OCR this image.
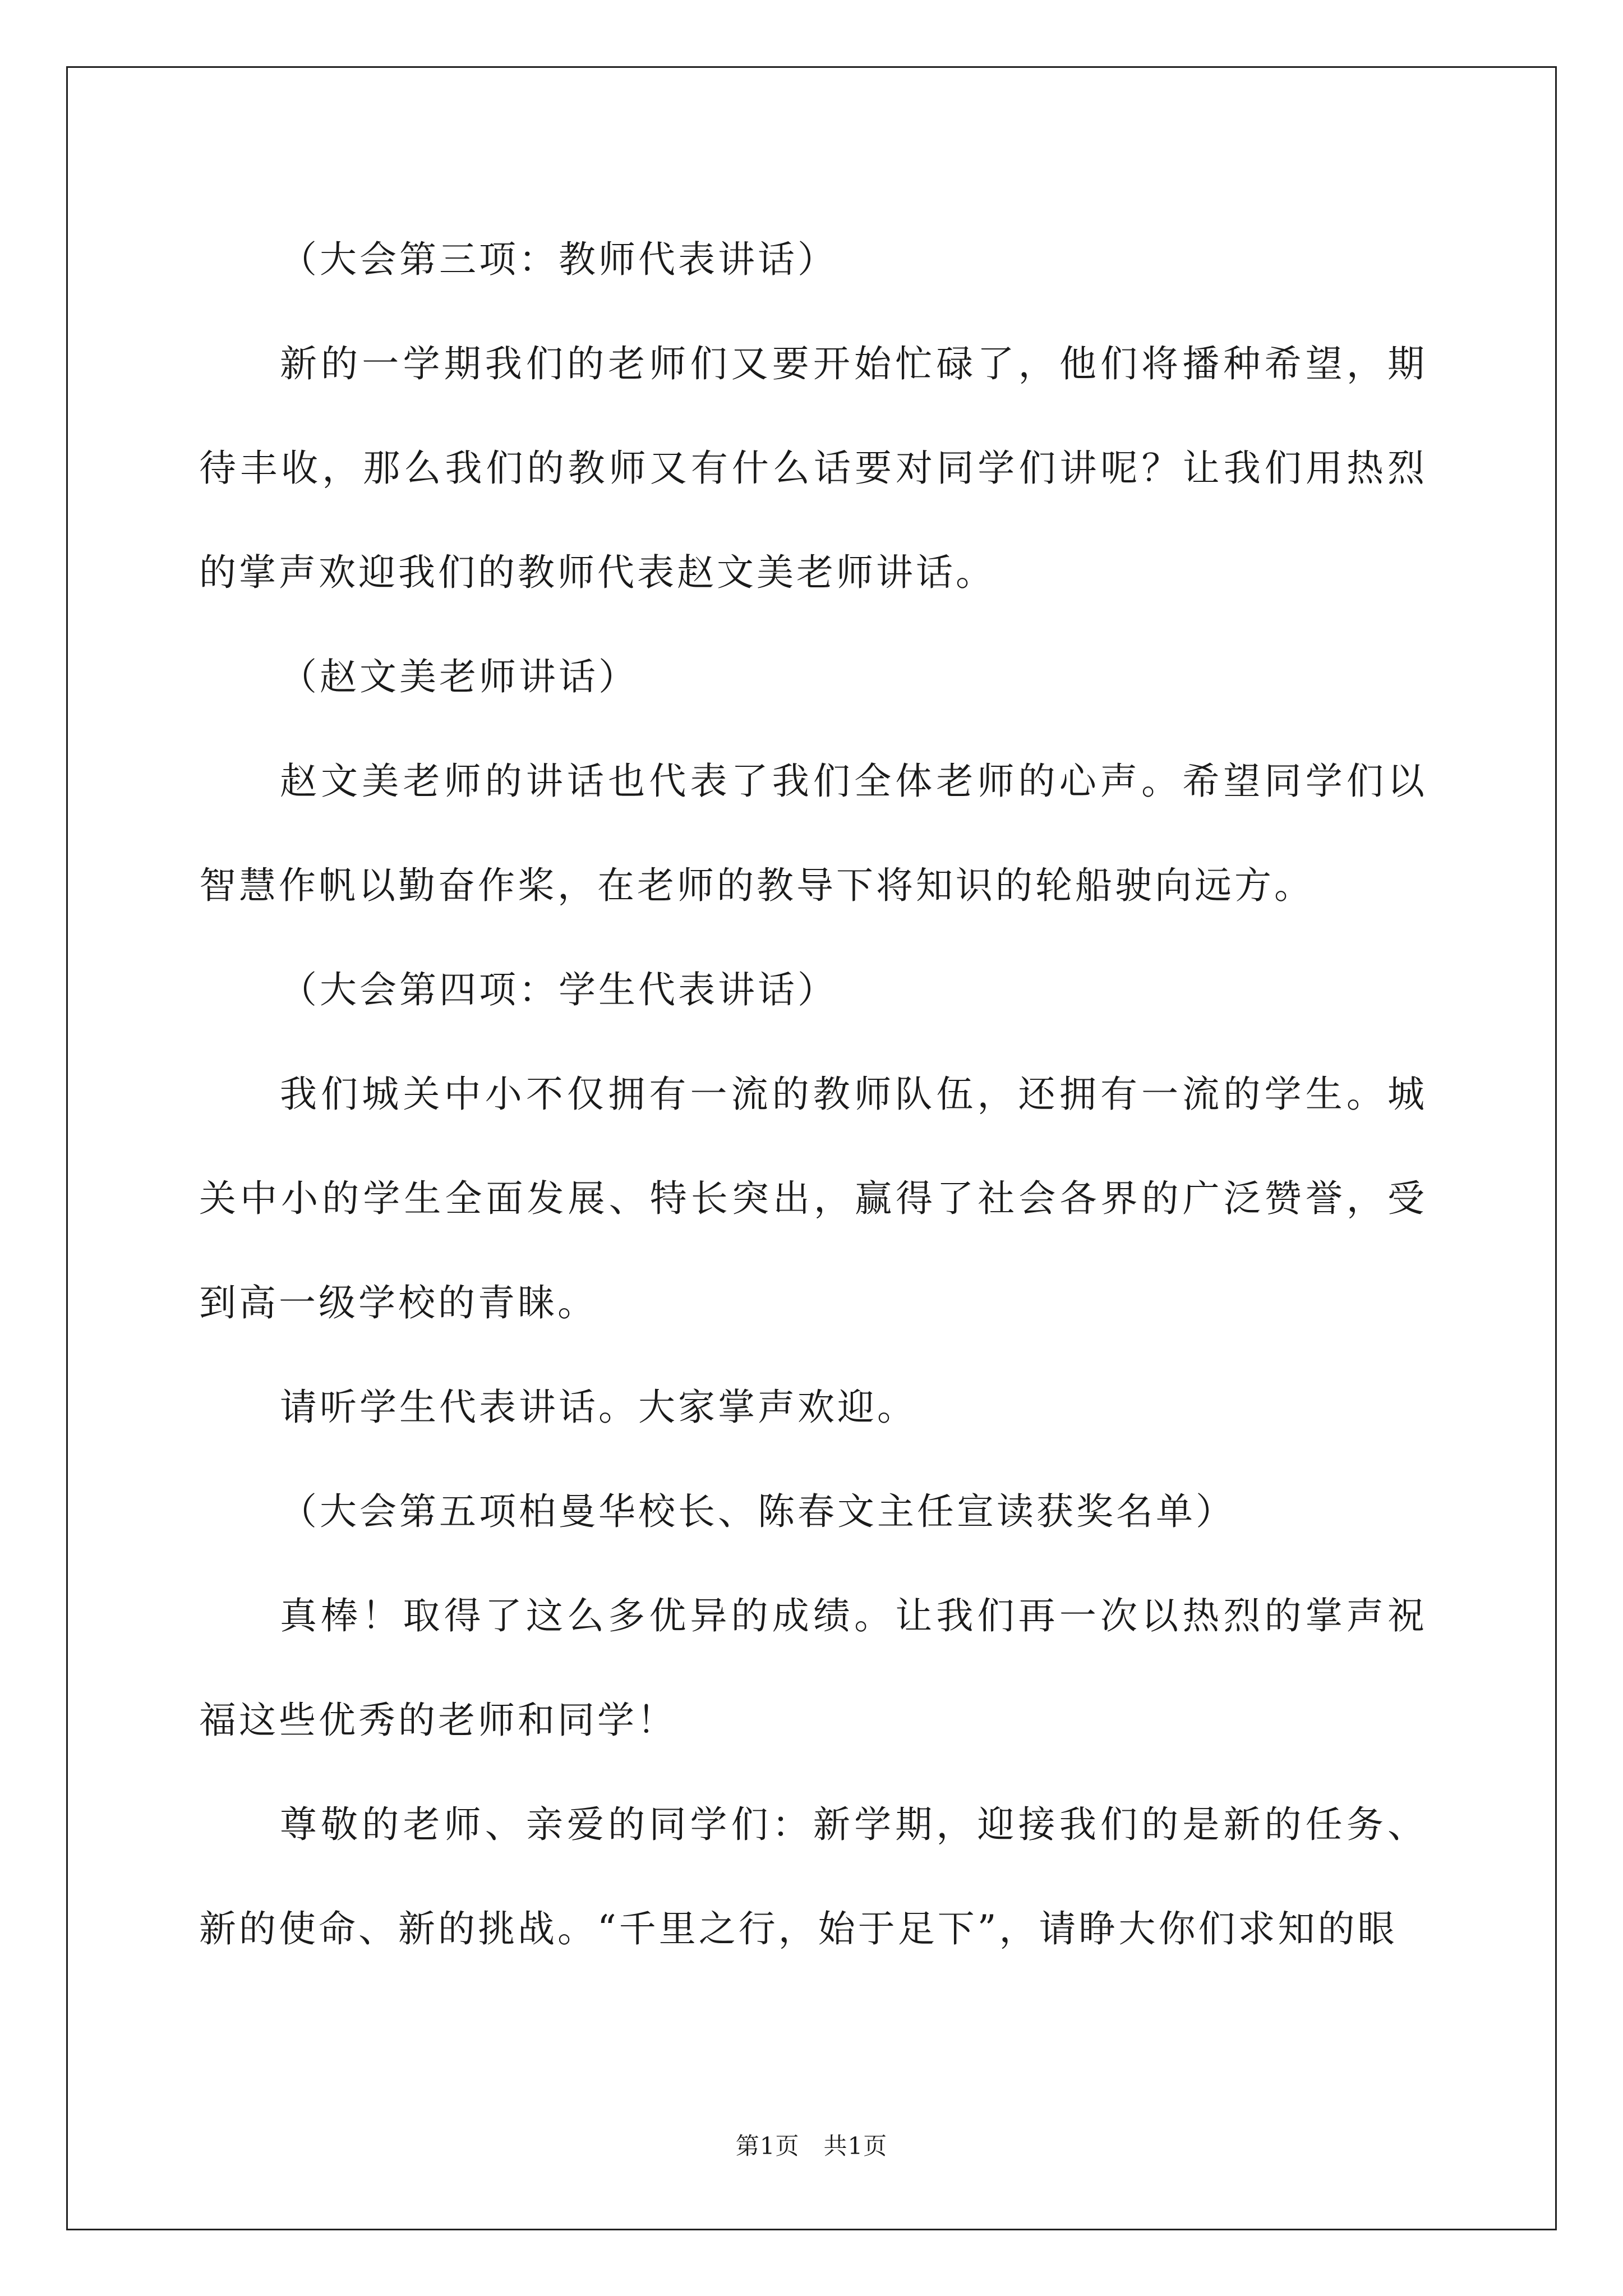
（大会第三项：教师代表讲话）

新的一学期我们的老师们又要开始忙碌了，他们将播种希望，期待丰收，那么我们的教师又有什么话要对同学们讲呢？让我们用热烈的掌声欢迎我们的教师代表赵文美老师讲话。

（赵文美老师讲话）

赵文美老师的讲话也代表了我们全体老师的心声。希望同学们以智慧作帆以勤奋作桨，在老师的教导下将知识的轮船驶向远方。

（大会第四项：学生代表讲话）

我们城关中小不仅拥有一流的教师队伍，还拥有一流的学生。城关中小的学生全面发展、特长突出，赢得了社会各界的广泛赞誉，受到高一级学校的青睐。

请听学生代表讲话。大家掌声欢迎。

（大会第五项柏曼华校长、陈春文主任宣读获奖名单）

真棒！取得了这么多优异的成绩。让我们再一次以热烈的掌声祝福这些优秀的老师和同学！

尊敬的老师、亲爱的同学们：新学期，迎接我们的是新的任务、新的使命、新的挑战。“千里之行，始于足下”，请睁大你们求知的眼

第1页　共1页
